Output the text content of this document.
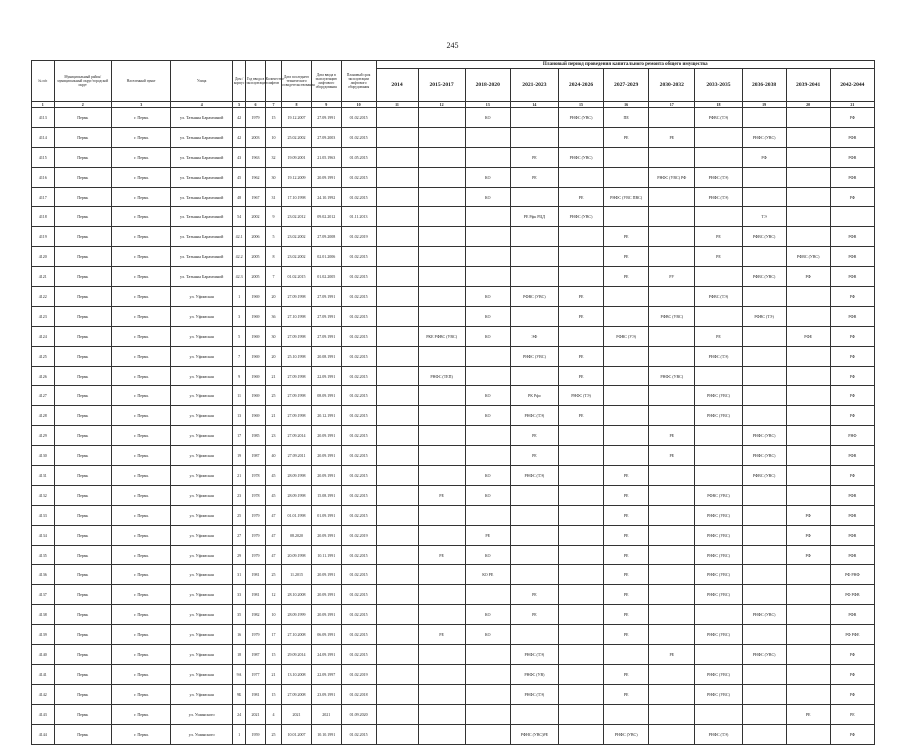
245
№ п/п	Муниципальный район/муниципальный округ/городской округ	Населенный пункт	Улица	Дом / корпус	Год ввода в эксплуатацию	Количество лифтов	Дата последнего технического освидетельствования	Дата ввода в эксплуатацию лифтового оборудования	Плановый срок эксплуатации лифтового оборудования	Плановый период проведения капитального ремонта общего имущества										
										2014	2015-2017	2018-2020	2021-2023	2024-2026	2027-2029	2030-2032	2033-2035	2036-2038	2039-2041	2042-2044
1	2	3	4	5	6	7	8	9	10	11	12	13	14	15	16	17	18	19	20	21
4113	Пермь	г. Пермь	ул. Татьяны Барамзиной	42	1979	15	19.12.2007	27.09.1991	01.02.2015			КО		РНФС (УВС)	ПЕ		РФВС (ТЭ)			РФ
4114	Пермь	г. Пермь	ул. Татьяны Барамзиной	42	2003	10	25.02.2002	27.09.2003	01.02.2015						РЕ	РЕ		РНФС (УВС)		РФВ
4115	Пермь	г. Пермь	ул. Татьяны Барамзиной	43	1963	32	19.09.2001	21.05.1963	01.05.2015				РЕ	РНФС (УВС)				РФ		РФВ
4116	Пермь	г. Пермь	ул. Татьяны Барамзиной	45	1962	30	19.12.2009	20.09.1991	01.02.2015			КО	РЕ			РНФС (УВС) РФ	РНФС (ТЭ)			РФВ
4117	Пермь	г. Пермь	ул. Татьяны Барамзиной	48	1967	31	17.10.1998	24.10.1992	01.02.2015			КО		РЕ	РНФС (УВС ПВС)		РНФС (ТЭ)			РФ
4118	Пермь	г. Пермь	ул. Татьяны Барамзиной	54	2002	9	23.02.2012	09.02.2012	01.11.2013				РЕ Рфк РЦД	РНФС (УВС)				ТЭ		
4119	Пермь	г. Пермь	ул. Татьяны Барамзиной	42.1	2006	5	23.02.2002	27.09.2008	01.02.2019						РЕ		РЕ	РФВС (УВС)		РФВ
4120	Пермь	г. Пермь	ул. Татьяны Барамзиной	42.2	2005	8	23.02.2002	02.01.2006	01.02.2015						РЕ		РЕ		РФВС (УВС)	РФВ
4121	Пермь	г. Пермь	ул. Татьяны Барамзиной	42.3	2005	7	01.02.2015	01.02.2005	01.02.2015						РЕ	РУ		РФВС (УВС)	РФ	РФВ
4122	Пермь	г. Пермь	ул. Уфимская	1	1969	20	27.09.1998	27.09.1991	01.02.2015			КО	РФВС (УВС)	РЕ			РФВС (ТЭ)			РФ
4123	Пермь	г. Пермь	ул. Уфимская	3	1969	36	27.10.1998	27.09.1991	01.02.2015			КО		РЕ		РФВС (УВС)		РФВС (ТЭ)		РФВ
4124	Пермь	г. Пермь	ул. Уфимская	5	1969	30	27.09.1998	27.09.1991	01.02.2015		РКЕ РФВС (УВС)	КО	ЭФ		РФВС (УЭ)		РЕ		РФЕ	РФ
4125	Пермь	г. Пермь	ул. Уфимская	7	1969	20	25.10.1998	20.08.1991	01.02.2015				РНФС (УВС)	РЕ			РНФС (ТЭ)			РФ
4126	Пермь	г. Пермь	ул. Уфимская	9	1969	21	27.09.1998	22.09.1991	01.02.2015		РНФС (ТЕП)			РЕ		РНФС (УВС)				РФ
4127	Пермь	г. Пермь	ул. Уфимская	11	1969	25	27.09.1998	08.09.1991	01.02.2015			КО	РК Рфо	РНФС (ТЭ)			РНФС (УВС)			РФ
4128	Пермь	г. Пермь	ул. Уфимская	13	1969	21	27.09.1998	20.12.1991	01.02.2015			КО	РНФС (ТЭ)	РЕ			РНФС (УВС)			РФ
4129	Пермь	г. Пермь	ул. Уфимская	17	1985	23	27.09.2014	20.09.1991	01.02.2015				РЕ			РЕ		РНФС (УВС)		РНФ
4130	Пермь	г. Пермь	ул. Уфимская	19	1987	40	27.09.2011	20.09.1991	01.02.2015				РЕ			РЕ		РНФС (УВС)		РФВ
4131	Пермь	г. Пермь	ул. Уфимская	21	1978	45	28.09.1998	20.09.1991	01.02.2015			КО	РНФС (ТЭ)		РЕ			РФВС (УВС)		РФ
4132	Пермь	г. Пермь	ул. Уфимская	23	1978	45	28.09.1998	15.08.1991	01.02.2015		РЕ	КО			РЕ		РФВС (УВС)			РФВ
4133	Пермь	г. Пермь	ул. Уфимская	25	1979	47	01.01.1998	01.09.1991	01.02.2015						РЕ		РНФС (УВС)		РФ	РФВ
4134	Пермь	г. Пермь	ул. Уфимская	27	1979	47	08.2020	20.09.1991	01.02.2019			РЕ			РЕ		РНФС (УВС)		РФ	РФВ
4135	Пермь	г. Пермь	ул. Уфимская	29	1979	47	20.09.1998	10.11.1991	01.02.2015		РЕ	КО			РЕ		РНФС (УВС)		РФ	РФВ
4136	Пермь	г. Пермь	ул. Уфимская	31	1981	25	11.2015	20.09.1991	01.02.2015			КО РЕ			РЕ		РНФС (УВС)			РФ РНФ
4137	Пермь	г. Пермь	ул. Уфимская	33	1981	12	28.10.2008	20.09.1991	01.02.2015				РЕ		РЕ		РНФС (УВС)			РФ РФВ
4138	Пермь	г. Пермь	ул. Уфимская	35	1982	10	28.09.1999	20.09.1991	01.02.2015			КО	РЕ		РЕ			РНФС (УВС)		РФВ
4139	Пермь	г. Пермь	ул. Уфимская	16	1979	17	27.10.2008	06.09.1991	01.02.2015		РЕ	КО			РЕ		РНФС (УВС)			РФ РФЕ
4140	Пермь	г. Пермь	ул. Уфимская	18	1987	15	29.09.2014	24.09.1991	01.02.2015				РНФС (ТЭ)			РЕ		РНФС (УВС)		РФ
4141	Пермь	г. Пермь	ул. Уфимская	9А	1977	21	13.10.2008	22.09.1997	01.02.2019				РНФС (УВ)		РЕ		РНФС (УВС)			РФ
4142	Пермь	г. Пермь	ул. Уфимская	9Б	1981	15	27.09.2008	23.09.1991	01.02.2018				РНФС (ТЭ)		РЕ		РНФС (УВС)			РФ
4143	Пермь	г. Пермь	ул. Ушинского	24	2021	4	2021	2021	01.09.2020										РЕ	РЕ
4144	Пермь	г. Пермь	ул. Ушинского	1	1959	25	10.01.2007	10.10.1991	01.02.2015				РФНС (УВС)РЕ		РНФС (УВС)		РНФС (ТЭ)			РФ
